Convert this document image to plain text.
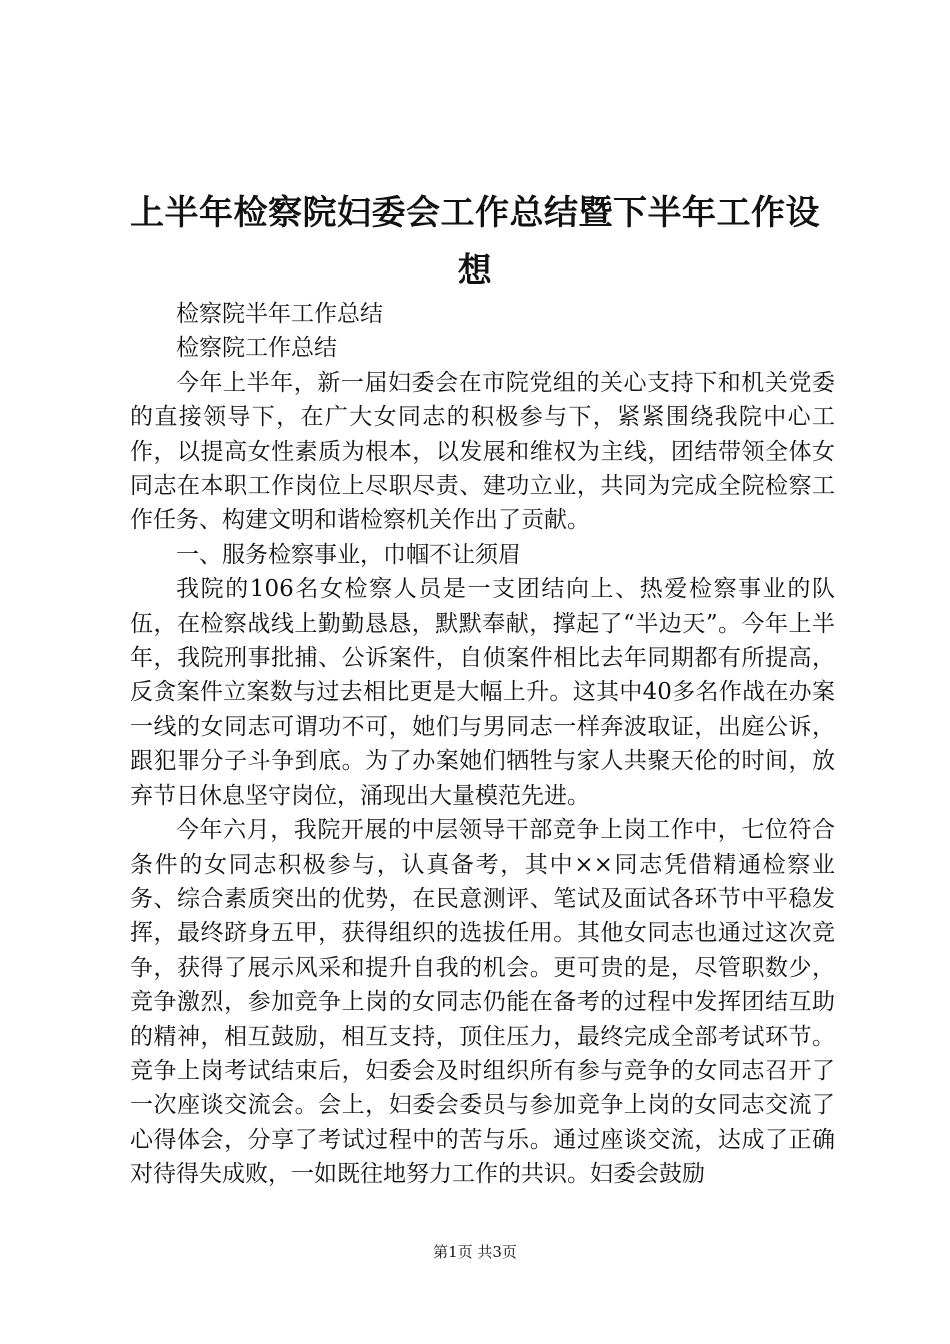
上半年检察院妇委会工作总结暨下半年工作设想

检察院半年工作总结

检察院工作总结

今年上半年，新一届妇委会在市院党组的关心支持下和机关党委的直接领导下，在广大女同志的积极参与下，紧紧围绕我院中心工作，以提高女性素质为根本，以发展和维权为主线，团结带领全体女同志在本职工作岗位上尽职尽责、建功立业，共同为完成全院检察工作任务、构建文明和谐检察机关作出了贡献。

一、服务检察事业，巾帼不让须眉

我院的106名女检察人员是一支团结向上、热爱检察事业的队伍，在检察战线上勤勤恳恳，默默奉献，撑起了“半边天”。今年上半年，我院刑事批捕、公诉案件，自侦案件相比去年同期都有所提高，反贪案件立案数与过去相比更是大幅上升。这其中40多名作战在办案一线的女同志可谓功不可，她们与男同志一样奔波取证，出庭公诉，跟犯罪分子斗争到底。为了办案她们牺牲与家人共聚天伦的时间，放弃节日休息坚守岗位，涌现出大量模范先进。

今年六月，我院开展的中层领导干部竞争上岗工作中，七位符合条件的女同志积极参与，认真备考，其中××同志凭借精通检察业务、综合素质突出的优势，在民意测评、笔试及面试各环节中平稳发挥，最终跻身五甲，获得组织的选拔任用。其他女同志也通过这次竞争，获得了展示风采和提升自我的机会。更可贵的是，尽管职数少，竞争激烈，参加竞争上岗的女同志仍能在备考的过程中发挥团结互助的精神，相互鼓励，相互支持，顶住压力，最终完成全部考试环节。竞争上岗考试结束后，妇委会及时组织所有参与竞争的女同志召开了一次座谈交流会。会上，妇委会委员与参加竞争上岗的女同志交流了心得体会，分享了考试过程中的苦与乐。通过座谈交流，达成了正确对待得失成败，一如既往地努力工作的共识。妇委会鼓励

第1页 共3页
